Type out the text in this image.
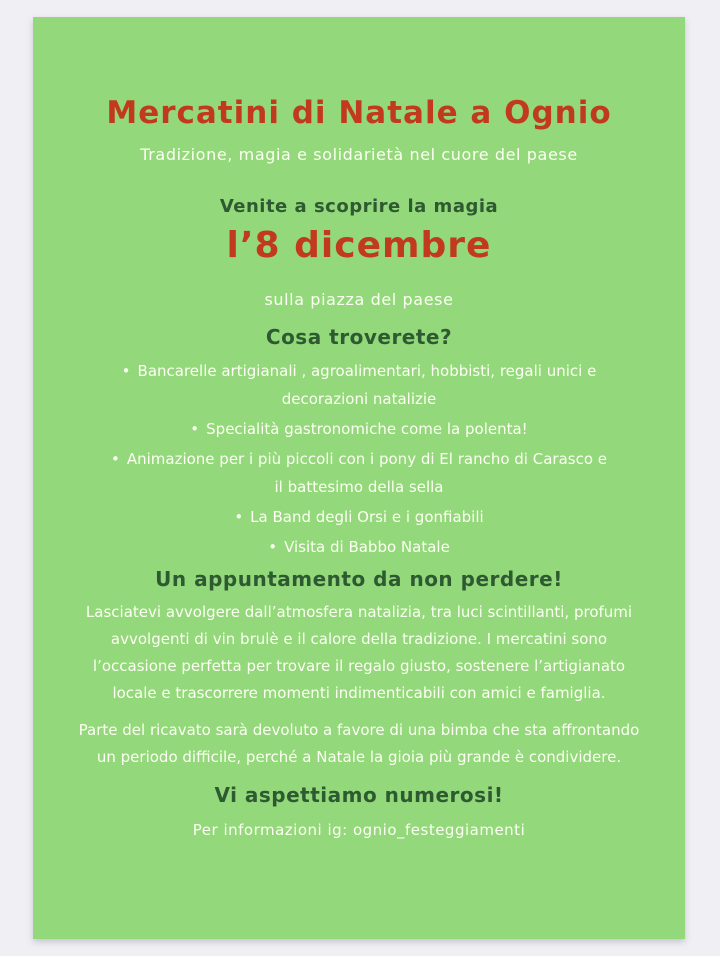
Mercatini di Natale a Ognio
Tradizione, magia e solidarietà nel cuore del paese
Venite a scoprire la magia
l’8 dicembre
sulla piazza del paese
Cosa troverete?
• Bancarelle artigianali , agroalimentari, hobbisti, regali unici e decorazioni natalizie
• Specialità gastronomiche come la polenta!
• Animazione per i più piccoli con i pony di El rancho di Carasco e il battesimo della sella
• La Band degli Orsi e i gonfiabili
• Visita di Babbo Natale
Un appuntamento da non perdere!

Lasciatevi avvolgere dall’atmosfera natalizia, tra luci scintillanti, profumi avvolgenti di vin brulè e il calore della tradizione. I mercatini sono l’occasione perfetta per trovare il regalo giusto, sostenere l’artigianato locale e trascorrere momenti indimenticabili con amici e famiglia.

Parte del ricavato sarà devoluto a favore di una bimba che sta affrontando un periodo difficile, perché a Natale la gioia più grande è condividere.

Vi aspettiamo numerosi!
Per informazioni ig: ognio_festeggiamenti
